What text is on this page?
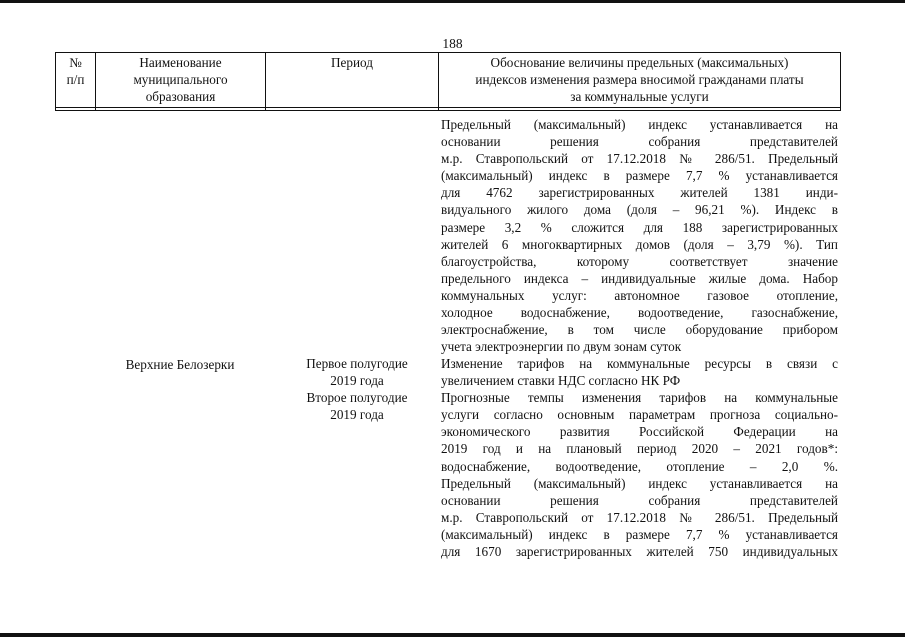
188
№
п/п
Наименование
муниципального
образования
Период	Обоснование величины предельных (максимальных)
индексов изменения размера вносимой гражданами платы
за коммунальные услуги
Предельный (максимальный) индекс устанавливается на
основании решения собрания представителей
м.р. Ставропольский от 17.12.2018 № 286/51. Предельный
(максимальный) индекс в размере 7,7 % устанавливается
для 4762 зарегистрированных жителей 1381 инди-
видуального жилого дома (доля – 96,21 %). Индекс в
размере 3,2 % сложится для 188 зарегистрированных
жителей 6 многоквартирных домов (доля – 3,79 %). Тип
благоустройства, которому соответствует значение
предельного индекса – индивидуальные жилые дома. Набор
коммунальных услуг: автономное газовое отопление,
холодное водоснабжение, водоотведение, газоснабжение,
электроснабжение, в том числе оборудование прибором
учета электроэнергии по двум зонам суток
Верхние Белозерки	Первое полугодие
2019 года
Второе полугодие
2019 года
Изменение тарифов на коммунальные ресурсы в связи с
увеличением ставки НДС согласно НК РФ
Прогнозные темпы изменения тарифов на коммунальные
услуги согласно основным параметрам прогноза социально-
экономического развития Российской Федерации на
2019 год и на плановый период 2020 – 2021 годов*:
водоснабжение, водоотведение, отопление – 2,0 %.
Предельный (максимальный) индекс устанавливается на
основании решения собрания представителей
м.р. Ставропольский от 17.12.2018 № 286/51. Предельный
(максимальный) индекс в размере 7,7 % устанавливается
для 1670 зарегистрированных жителей 750 индивидуальных
